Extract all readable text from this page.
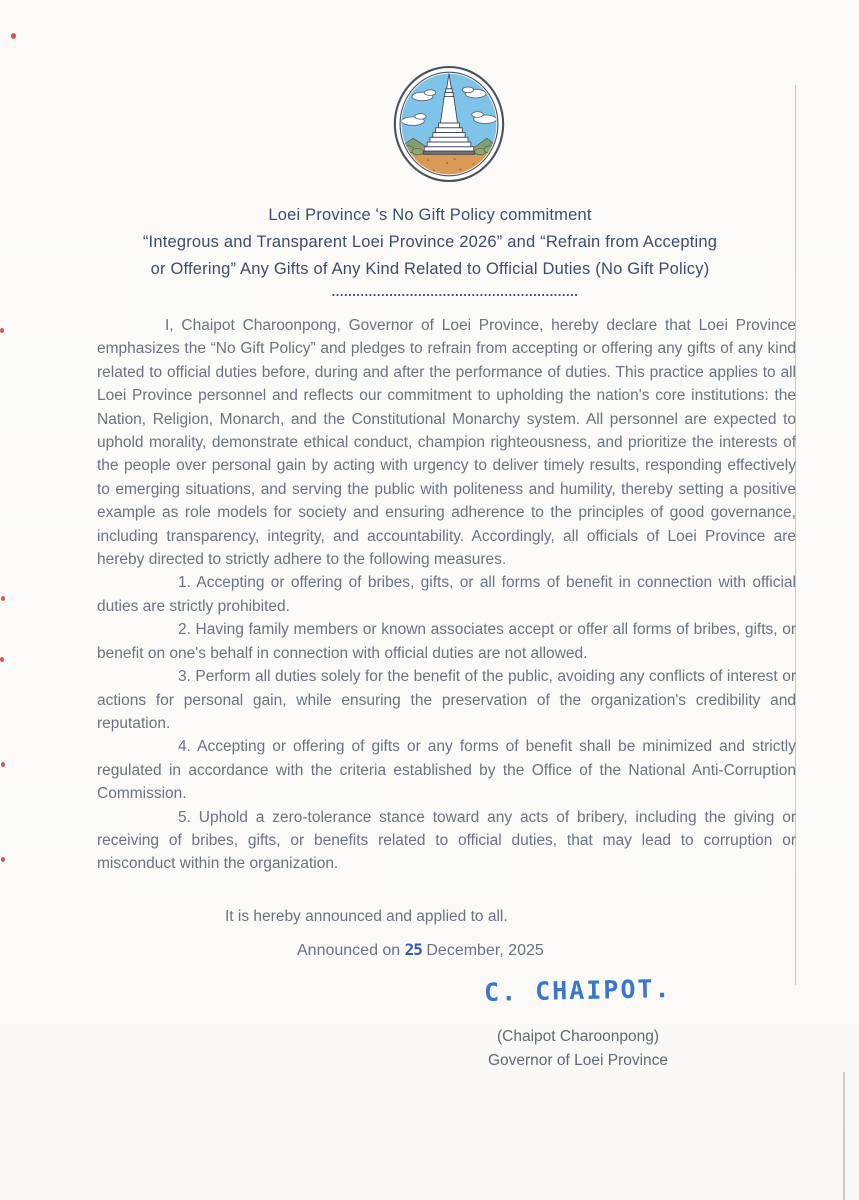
Loei Province 's No Gift Policy commitment
“Integrous and Transparent Loei Province 2026” and “Refrain from Accepting
or Offering” Any Gifts of Any Kind Related to Official Duties (No Gift Policy)
............................................................

I, Chaipot Charoonpong, Governor of Loei Province, hereby declare that Loei Province emphasizes the “No Gift Policy” and pledges to refrain from accepting or offering any gifts of any kind related to official duties before, during and after the performance of duties. This practice applies to all Loei Province personnel and reflects our commitment to upholding the nation's core institutions: the Nation, Religion, Monarch, and the Constitutional Monarchy system. All personnel are expected to uphold morality, demonstrate ethical conduct, champion righteousness, and prioritize the interests of the people over personal gain by acting with urgency to deliver timely results, responding effectively to emerging situations, and serving the public with politeness and humility, thereby setting a positive example as role models for society and ensuring adherence to the principles of good governance, including transparency, integrity, and accountability. Accordingly, all officials of Loei Province are hereby directed to strictly adhere to the following measures.

1. Accepting or offering of bribes, gifts, or all forms of benefit in connection with official duties are strictly prohibited.

2. Having family members or known associates accept or offer all forms of bribes, gifts, or benefit on one's behalf in connection with official duties are not allowed.

3. Perform all duties solely for the benefit of the public, avoiding any conflicts of interest or actions for personal gain, while ensuring the preservation of the organization's credibility and reputation.

4. Accepting or offering of gifts or any forms of benefit shall be minimized and strictly regulated in accordance with the criteria established by the Office of the National Anti-Corruption Commission.

5. Uphold a zero-tolerance stance toward any acts of bribery, including the giving or receiving of bribes, gifts, or benefits related to official duties, that may lead to corruption or misconduct within the organization.

It is hereby announced and applied to all.
Announced on 25 December, 2025
C. CHAIPOT.
(Chaipot Charoonpong)
Governor of Loei Province
